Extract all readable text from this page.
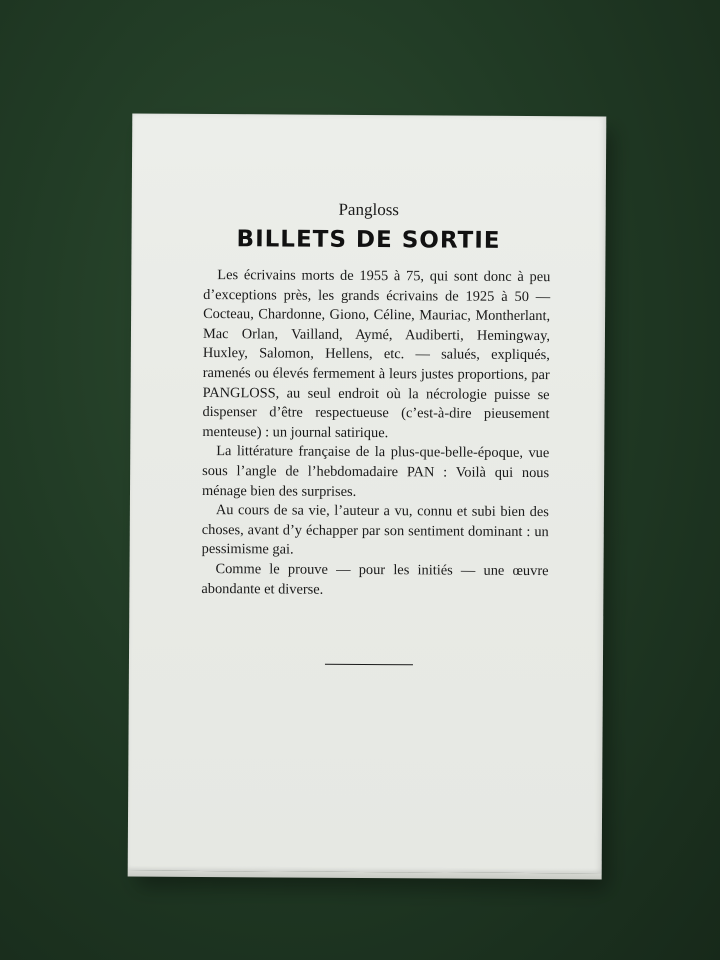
Pangloss
BILLETS DE SORTIE

Les écrivains morts de 1955 à 75, qui sont donc à peu d’exceptions près, les grands écrivains de 1925 à 50 — Cocteau, Chardonne, Giono, Céline, Mauriac, Montherlant, Mac Orlan, Vailland, Aymé, Audiberti, Hemingway, Huxley, Salomon, Hellens, etc. — salués, expliqués, ramenés ou élevés fermement à leurs justes proportions, par PANGLOSS, au seul endroit où la nécrologie puisse se dispenser d’être respectueuse (c’est-à-dire pieusement menteuse) : un journal satirique.

La littérature française de la plus-que-belle-époque, vue sous l’angle de l’hebdomadaire PAN : Voilà qui nous ménage bien des surprises.

Au cours de sa vie, l’auteur a vu, connu et subi bien des choses, avant d’y échapper par son sentiment dominant : un pessimisme gai.

Comme le prouve — pour les initiés — une œuvre abondante et diverse.
